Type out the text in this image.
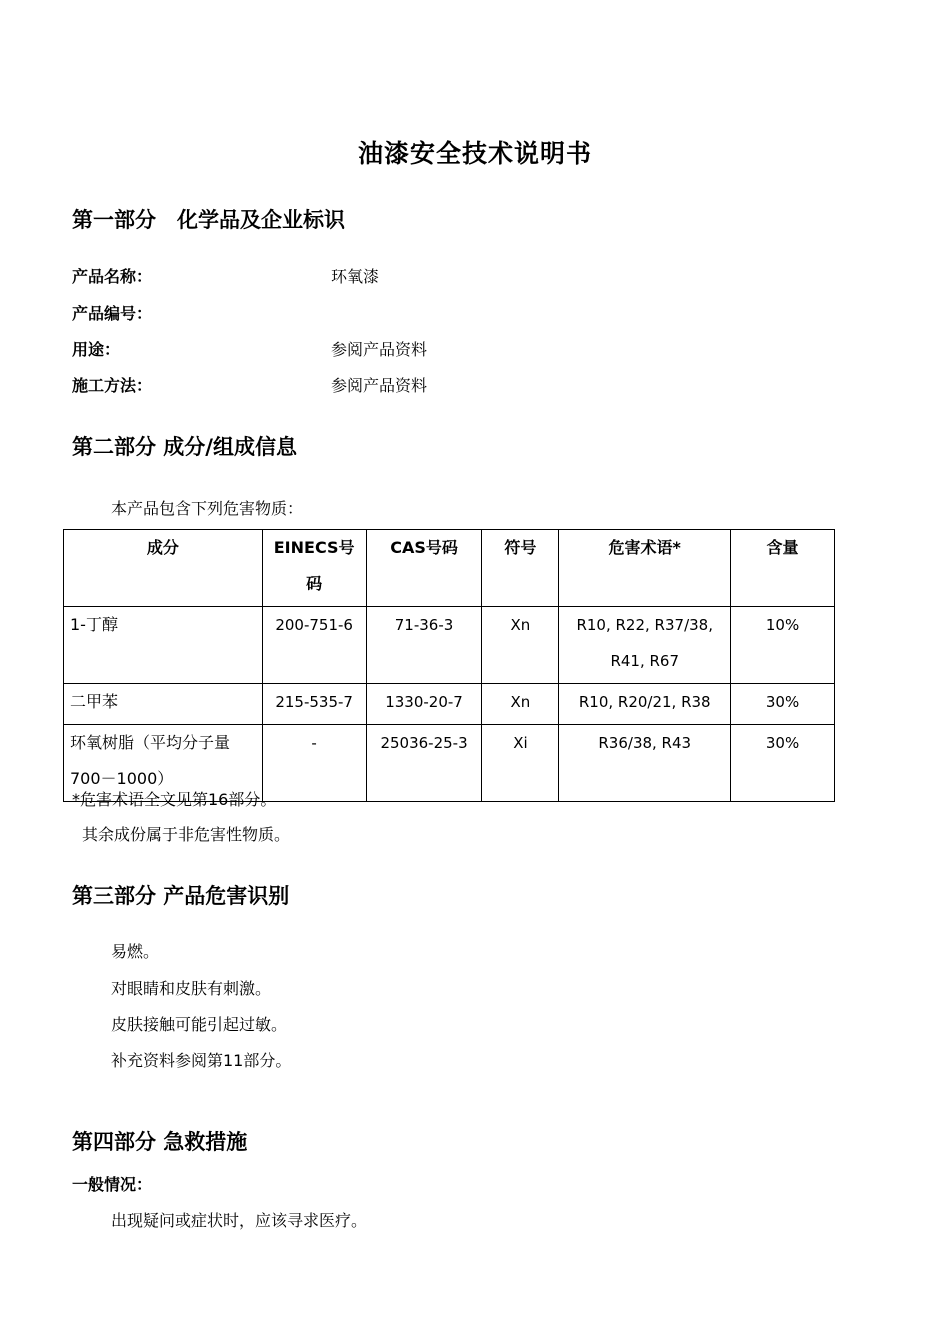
油漆安全技术说明书
第一部分　化学品及企业标识
产品名称：	环氧漆
产品编号：
用途：	参阅产品资料
施工方法：	参阅产品资料
第二部分 成分/组成信息
本产品包含下列危害物质：
成分	EINECS号码	CAS号码	符号	危害术语*	含量
1-丁醇	200-751-6	71-36-3	Xn	R10, R22, R37/38, R41, R67	10%
二甲苯	215-535-7	1330-20-7	Xn	R10, R20/21, R38	30%
环氧树脂（平均分子量700－1000）	-	25036-25-3	Xi	R36/38, R43	30%
*危害术语全文见第16部分。
其余成份属于非危害性物质。
第三部分 产品危害识别
易燃。
对眼睛和皮肤有刺激。
皮肤接触可能引起过敏。
补充资料参阅第11部分。
第四部分 急救措施
一般情况：
出现疑问或症状时，应该寻求医疗。
